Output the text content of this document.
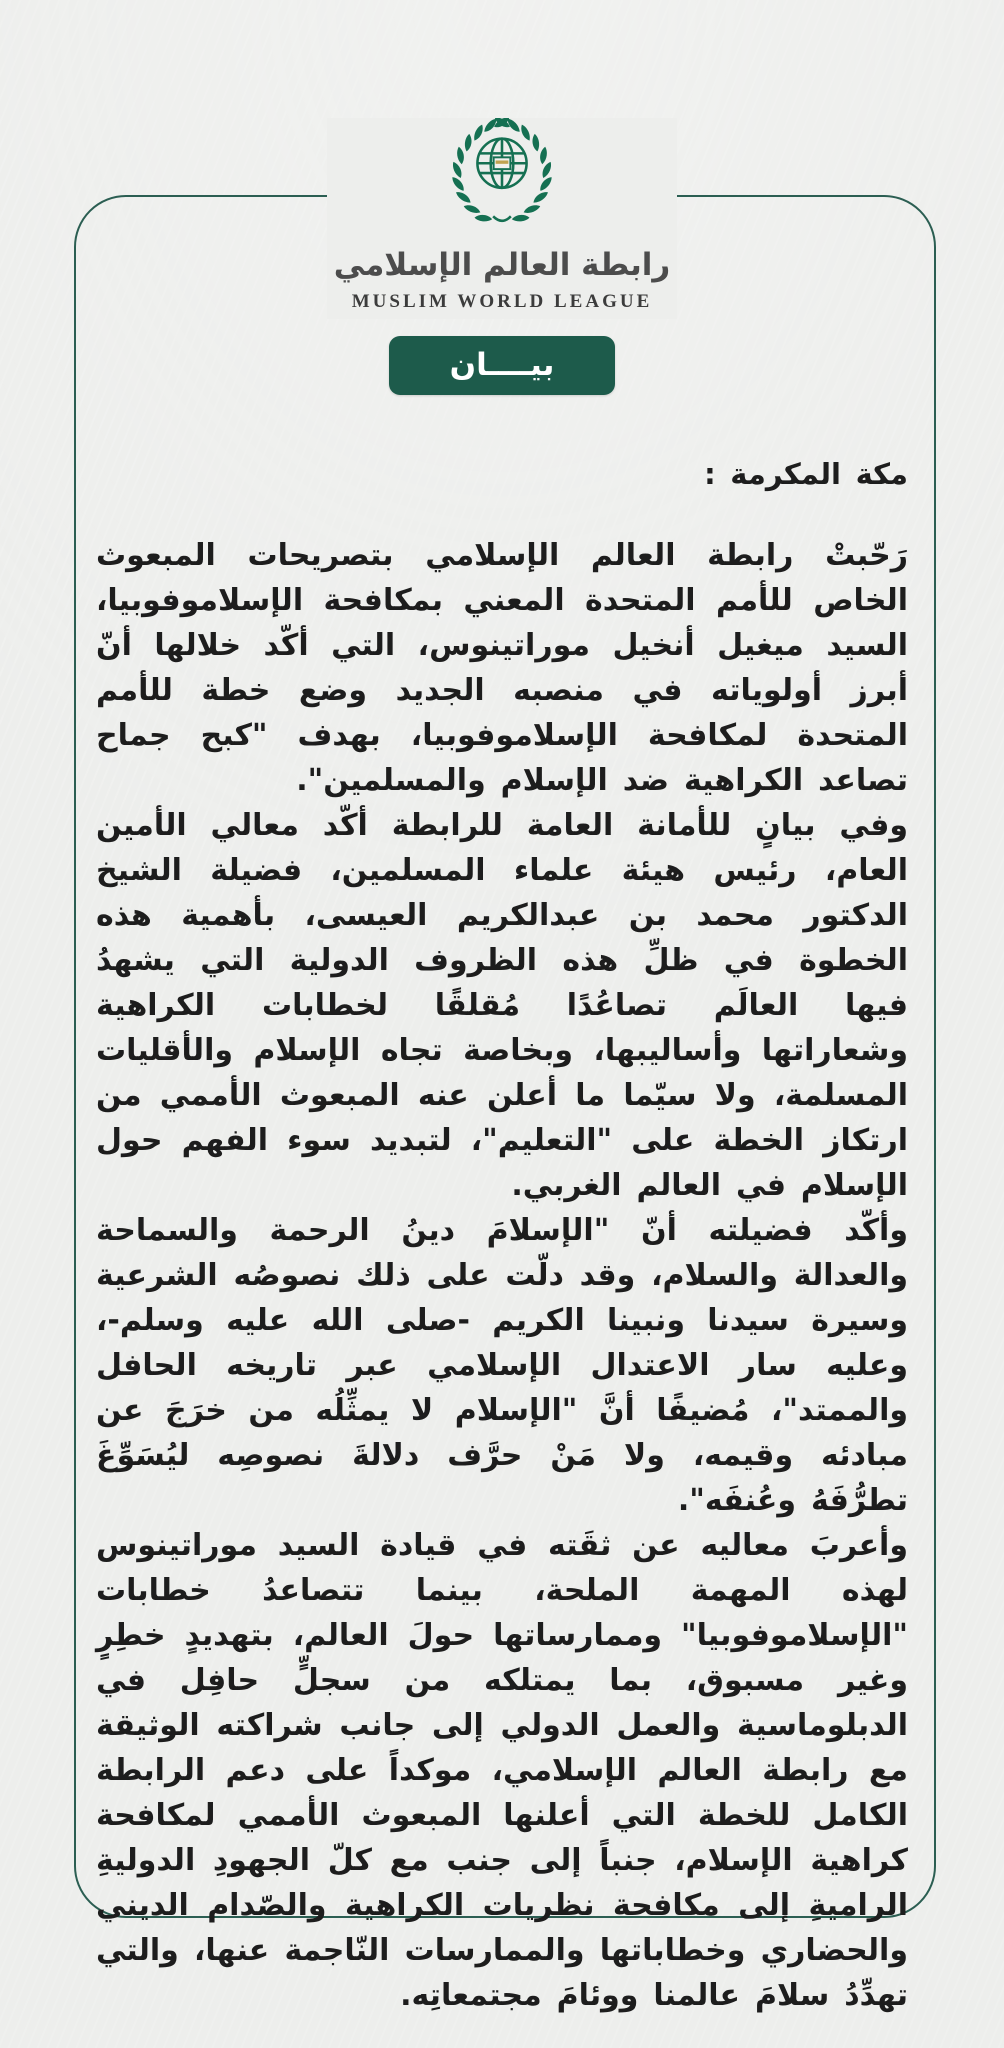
رابطة العالم الإسلامي
MUSLIM WORLD LEAGUE
بيــــان
مكة المكرمة :

رَحّبتْ رابطة العالم الإسلامي بتصريحات المبعوث الخاص للأمم المتحدة المعني بمكافحة الإسلاموفوبيا، السيد ميغيل أنخيل موراتينوس، التي أكّد خلالها أنّ أبرز أولوياته في منصبه الجديد وضع خطة للأمم المتحدة لمكافحة الإسلاموفوبيا، بهدف "كبح جماح تصاعد الكراهية ضد الإسلام والمسلمين".

وفي بيانٍ للأمانة العامة للرابطة أكّد معالي الأمين العام، رئيس هيئة علماء المسلمين، فضيلة الشيخ الدكتور محمد بن عبدالكريم العيسى، بأهمية هذه الخطوة في ظلِّ هذه الظروف الدولية التي يشهدُ فيها العالَم تصاعُدًا مُقلقًا لخطابات الكراهية وشعاراتها وأساليبها، وبخاصة تجاه الإسلام والأقليات المسلمة، ولا سيّما ما أعلن عنه المبعوث الأممي من ارتكاز الخطة على "التعليم"، لتبديد سوء الفهم حول الإسلام في العالم الغربي.

وأكّد فضيلته أنّ "الإسلامَ دينُ الرحمة والسماحة والعدالة والسلام، وقد دلّت على ذلك نصوصُه الشرعية وسيرة سيدنا ونبينا الكريم -صلى الله عليه وسلم-، وعليه سار الاعتدال الإسلامي عبر تاريخه الحافل والممتد"، مُضيفًا أنَّ "الإسلام لا يمثِّلُه من خرَجَ عن مبادئه وقيمه، ولا مَنْ حرَّف دلالةَ نصوصِه ليُسَوِّغَ تطرُّفَهُ وعُنفَه".

وأعربَ معاليه عن ثقَته في قيادة السيد موراتينوس لهذه المهمة الملحة، بينما تتصاعدُ خطابات "الإسلاموفوبيا" وممارساتها حولَ العالم، بتهديدٍ خطِرٍ وغير مسبوق، بما يمتلكه من سجلٍّ حافِل في الدبلوماسية والعمل الدولي إلى جانب شراكته الوثيقة مع رابطة العالم الإسلامي، موكداً على دعم الرابطة الكامل للخطة التي أعلنها المبعوث الأممي لمكافحة كراهية الإسلام، جنباً إلى جنب مع كلّ الجهودِ الدوليةِ الراميةِ إلى مكافحة نظريات الكراهية والصّدام الديني والحضاري وخطاباتها والممارسات النّاجمة عنها، والتي تهدِّدُ سلامَ عالمنا ووئامَ مجتمعاتِه.
